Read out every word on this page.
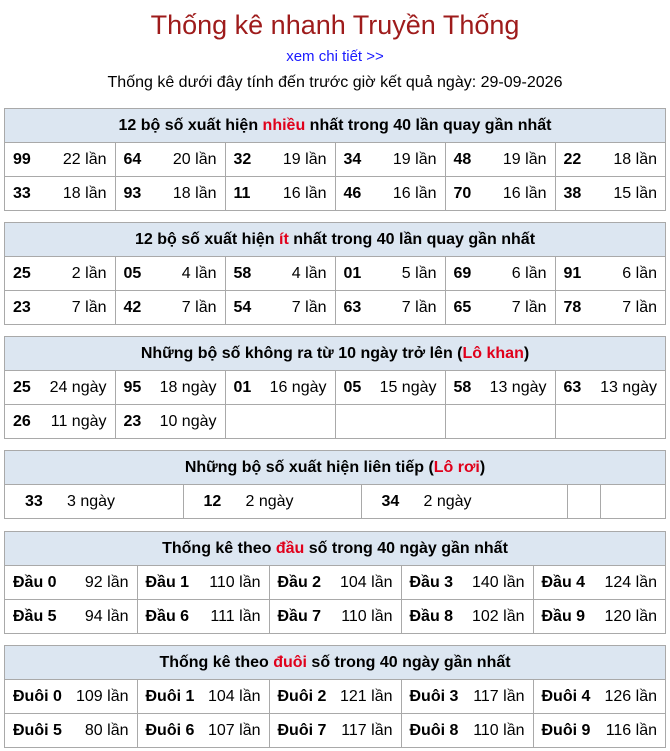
Thống kê nhanh Truyền Thống
xem chi tiết >>
Thống kê dưới đây tính đến trước giờ kết quả ngày: 29-09-2026
12 bộ số xuất hiện nhiều nhất trong 40 lần quay gần nhất
99 22 lần	64 20 lần	32 19 lần	34 19 lần	48 19 lần	22 18 lần

33 18 lần	93 18 lần	11 16 lần	46 16 lần	70 16 lần	38 15 lần
12 bộ số xuất hiện ít nhất trong 40 lần quay gần nhất
25 2 lần	05 4 lần	58 4 lần	01 5 lần	69 6 lần	91 6 lần

23 7 lần	42 7 lần	54 7 lần	63 7 lần	65 7 lần	78 7 lần
Những bộ số không ra từ 10 ngày trở lên (Lô khan)
25 24 ngày	95 18 ngày	01 16 ngày	05 15 ngày	58 13 ngày	63 13 ngày

26 11 ngày	23 10 ngày				

Những bộ số xuất hiện liên tiếp (Lô rơi)
33	3 ngày	12	2 ngày	34	2 ngày

Thống kê theo đầu số trong 40 ngày gần nhất
Đầu 0 92 lần	Đầu 1 110 lần	Đầu 2 104 lần	Đầu 3 140 lần	Đầu 4 124 lần

Đầu 5 94 lần	Đầu 6 111 lần	Đầu 7 110 lần	Đầu 8 102 lần	Đầu 9 120 lần
Thống kê theo đuôi số trong 40 ngày gần nhất
Đuôi 0 109 lần	Đuôi 1 104 lần	Đuôi 2 121 lần	Đuôi 3 117 lần	Đuôi 4 126 lần

Đuôi 5 80 lần	Đuôi 6 107 lần	Đuôi 7 117 lần	Đuôi 8 110 lần	Đuôi 9 116 lần
